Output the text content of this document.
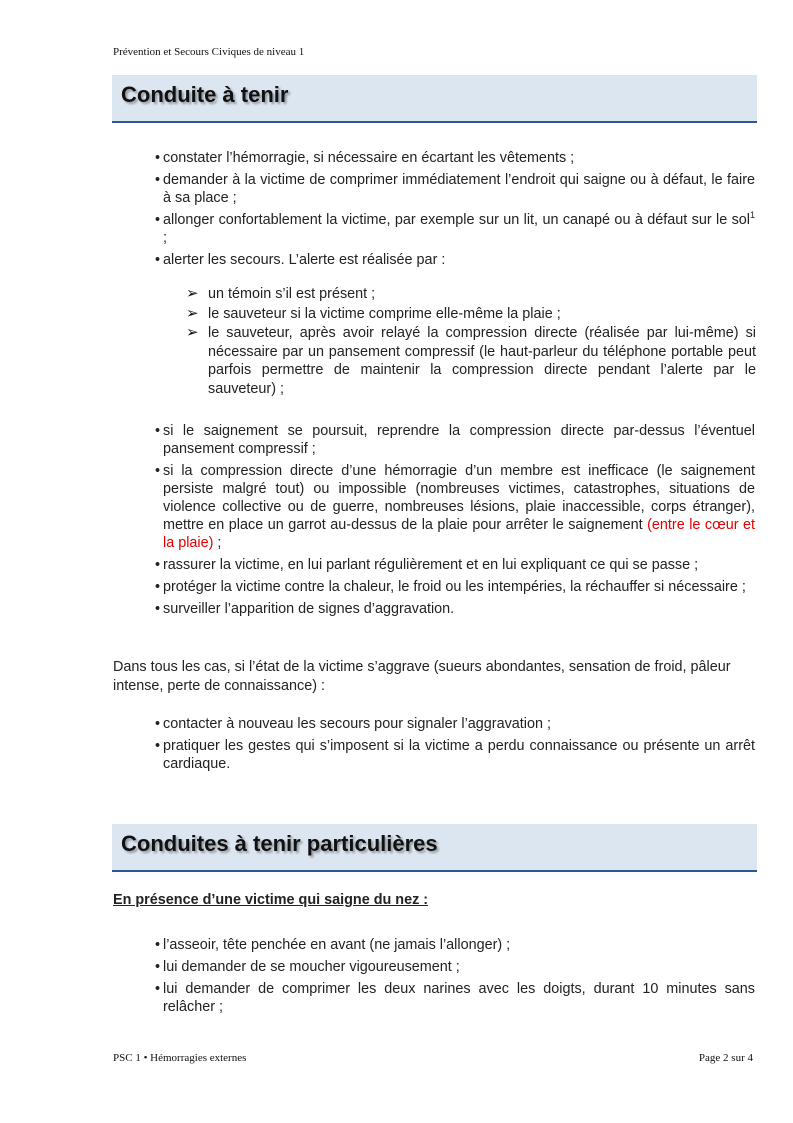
Prévention et Secours Civiques de niveau 1
Conduite à tenir
• constater l’hémorragie, si nécessaire en écartant les vêtements ;
• demander à la victime de comprimer immédiatement l’endroit qui saigne ou à défaut, le faire à sa place ;
• allonger confortablement la victime, par exemple sur un lit, un canapé ou à défaut sur le sol$^1$ ;
• alerter les secours. L’alerte est réalisée par :
➢ un témoin s’il est présent ;
➢ le sauveteur si la victime comprime elle-même la plaie ;
➢ le sauveteur, après avoir relayé la compression directe (réalisée par lui-même) si nécessaire par un pansement compressif (le haut-parleur du téléphone portable peut parfois permettre de maintenir la compression directe pendant l’alerte par le sauveteur) ;
• si le saignement se poursuit, reprendre la compression directe par-dessus l’éventuel pansement compressif ;
• si la compression directe d’une hémorragie d’un membre est inefficace (le saignement persiste malgré tout) ou impossible (nombreuses victimes, catastrophes, situations de violence collective ou de guerre, nombreuses lésions, plaie inaccessible, corps étranger), mettre en place un garrot au-dessus de la plaie pour arrêter le saignement (entre le cœur et la plaie) ;
• rassurer la victime, en lui parlant régulièrement et en lui expliquant ce qui se passe ;
• protéger la victime contre la chaleur, le froid ou les intempéries, la réchauffer si nécessaire ;
• surveiller l’apparition de signes d’aggravation.
Dans tous les cas, si l’état de la victime s’aggrave (sueurs abondantes, sensation de froid, pâleur intense, perte de connaissance) :
• contacter à nouveau les secours pour signaler l’aggravation ;
• pratiquer les gestes qui s’imposent si la victime a perdu connaissance ou présente un arrêt cardiaque.
Conduites à tenir particulières
En présence d’une victime qui saigne du nez :
• l’asseoir, tête penchée en avant (ne jamais l’allonger) ;
• lui demander de se moucher vigoureusement ;
• lui demander de comprimer les deux narines avec les doigts, durant 10 minutes sans relâcher ;
PSC 1 • Hémorragies externes	Page 2 sur 4
